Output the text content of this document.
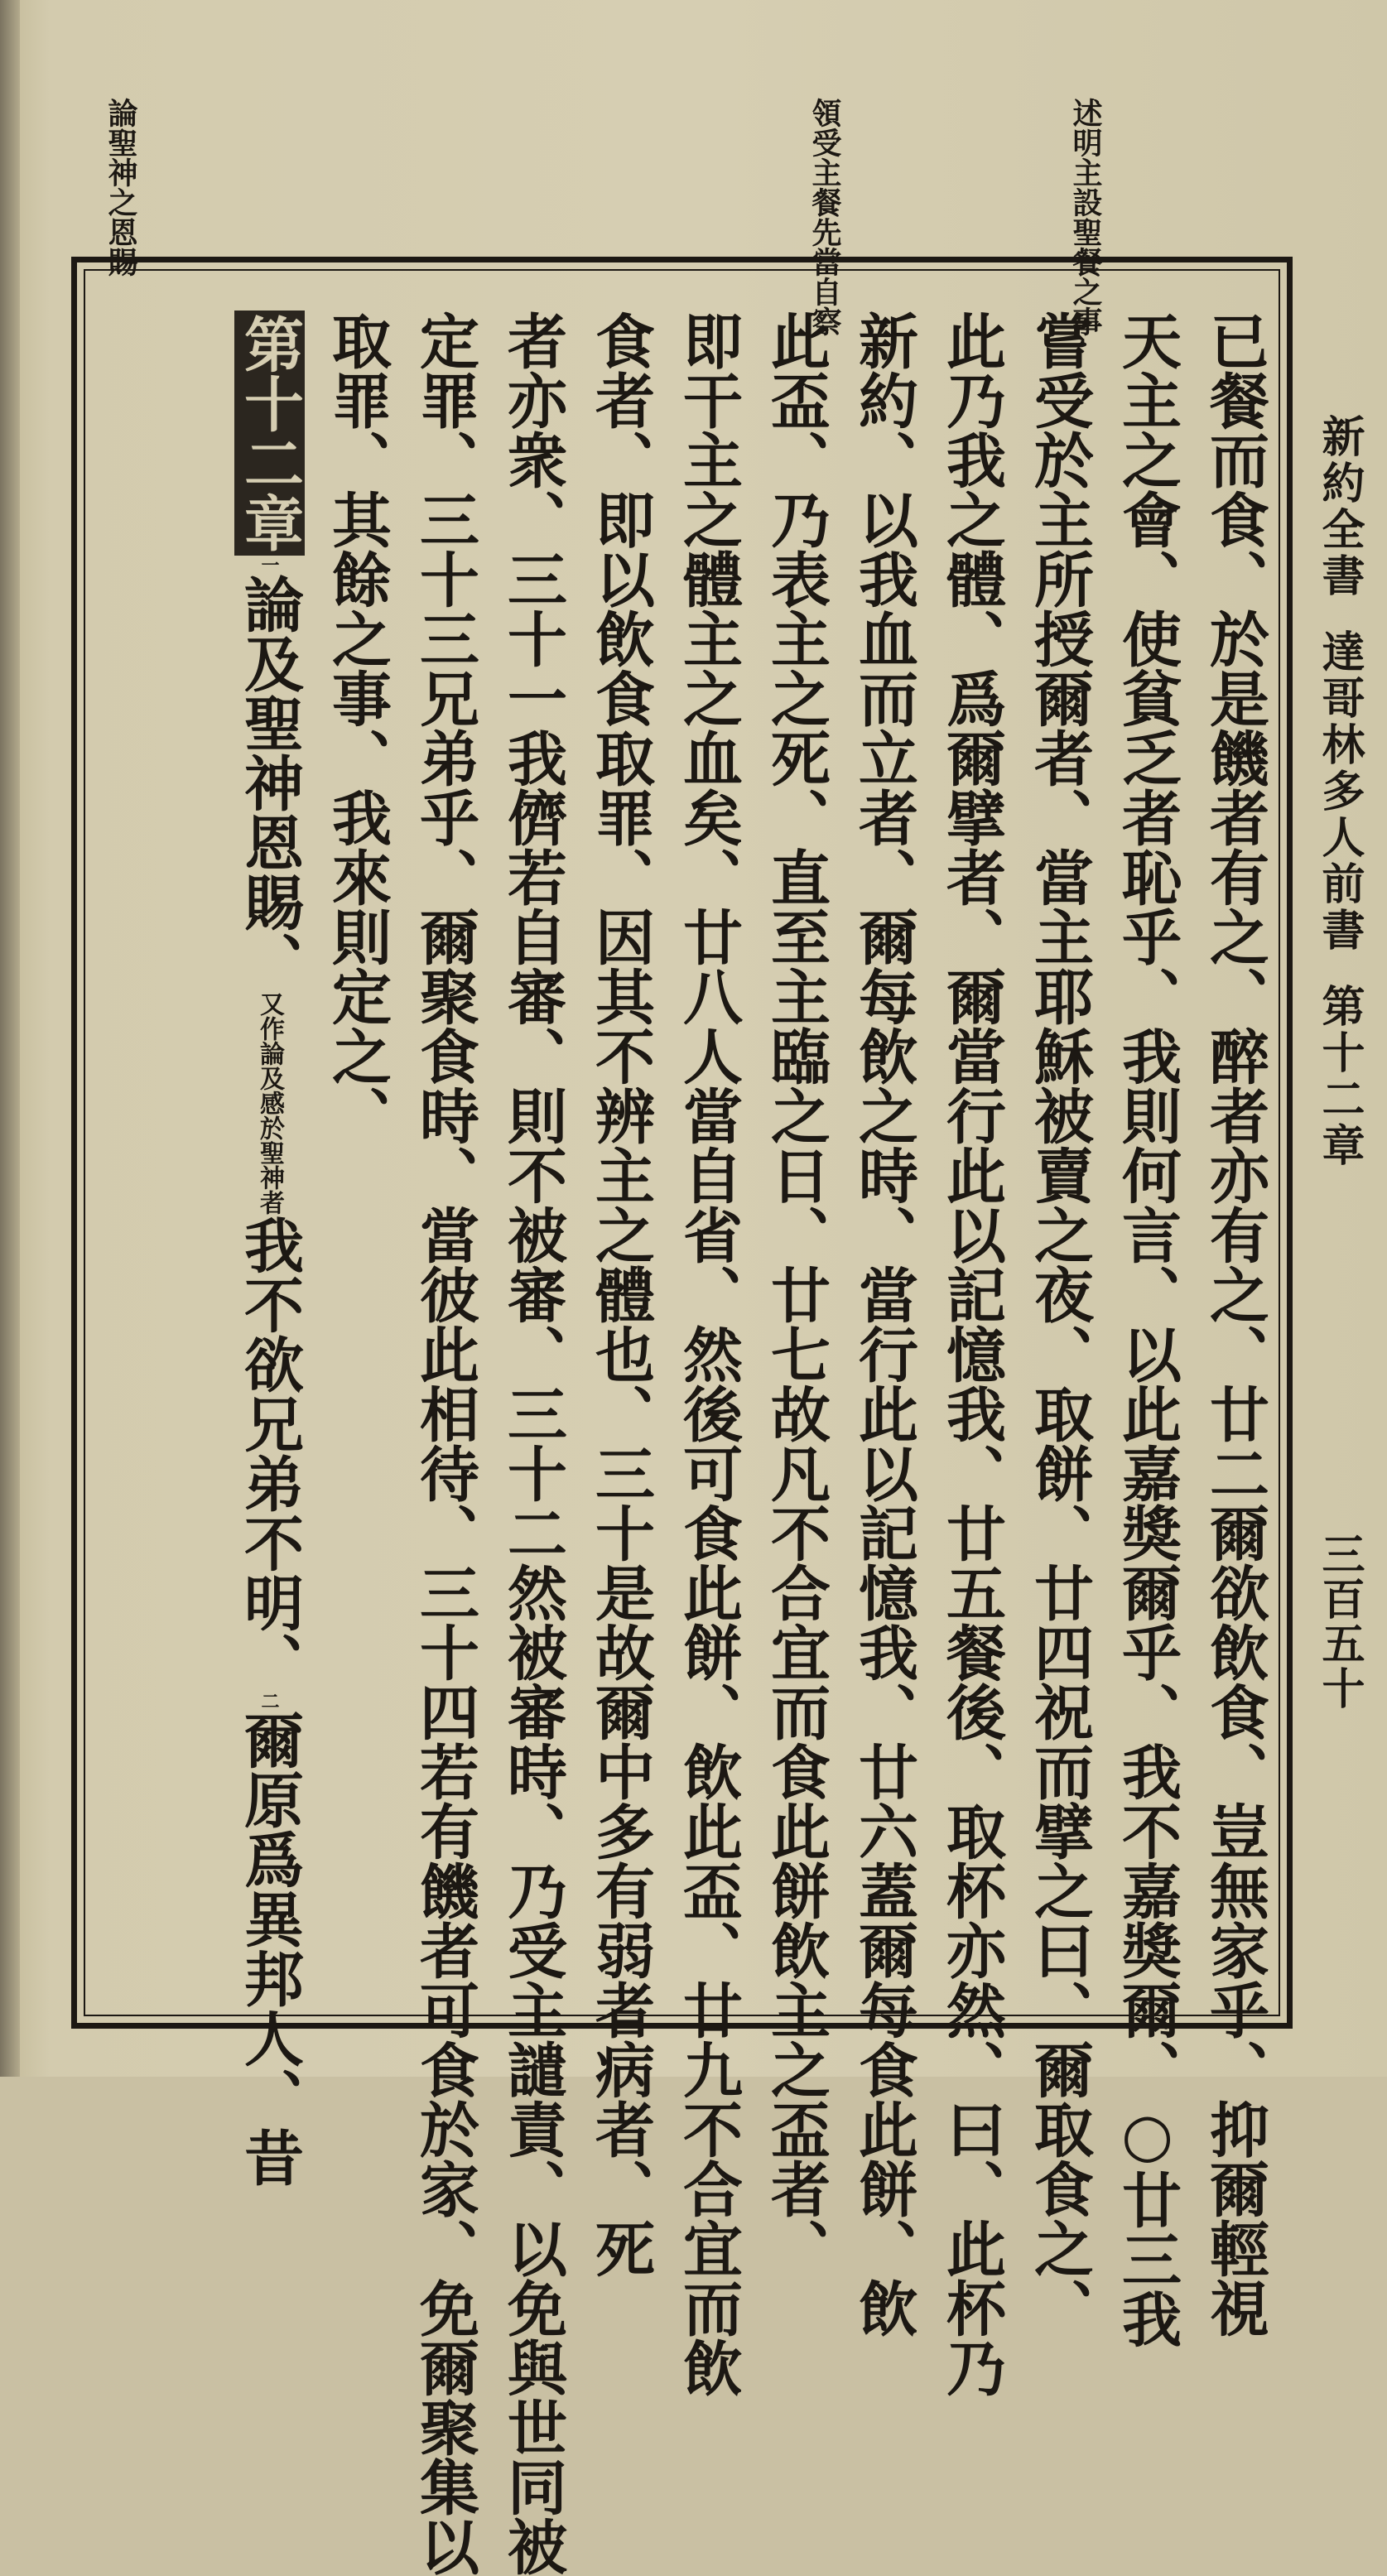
新約全書達哥林多人前書第十二章
三百五十
述明主設聖餐之事
領受主餐先當自察
論聖神之恩賜
已餐而食、於是饑者有之、醉者亦有之、廿二爾欲飲食、豈無家乎、抑爾輕視
天主之會、使貧乏者恥乎、我則何言、以此嘉獎爾乎、我不嘉獎爾、○廿三我
嘗受於主所授爾者、當主耶穌被賣之夜、取餅、廿四祝而擘之曰、爾取食之、
此乃我之體、爲爾擘者、爾當行此以記憶我、廿五餐後、取杯亦然、曰、此杯乃
新約、以我血而立者、爾每飲之時、當行此以記憶我、廿六蓋爾每食此餅、飲
此盃、乃表主之死、直至主臨之日、廿七故凡不合宜而食此餅飲主之盃者、
即干主之體主之血矣、廿八人當自省、然後可食此餅、飲此盃、廿九不合宜而飲
食者、即以飲食取罪、因其不辨主之體也、三十是故爾中多有弱者病者、死
者亦衆、三十一我儕若自審、則不被審、三十二然被審時、乃受主譴責、以免與世同被
定罪、三十三兄弟乎、爾聚食時、當彼此相待、三十四若有饑者可食於家、免爾聚集以
取罪、其餘之事、我來則定之、
第十二章一論及聖神恩賜、又作論及感於聖神者我不欲兄弟不明、二爾原爲異邦人、昔
